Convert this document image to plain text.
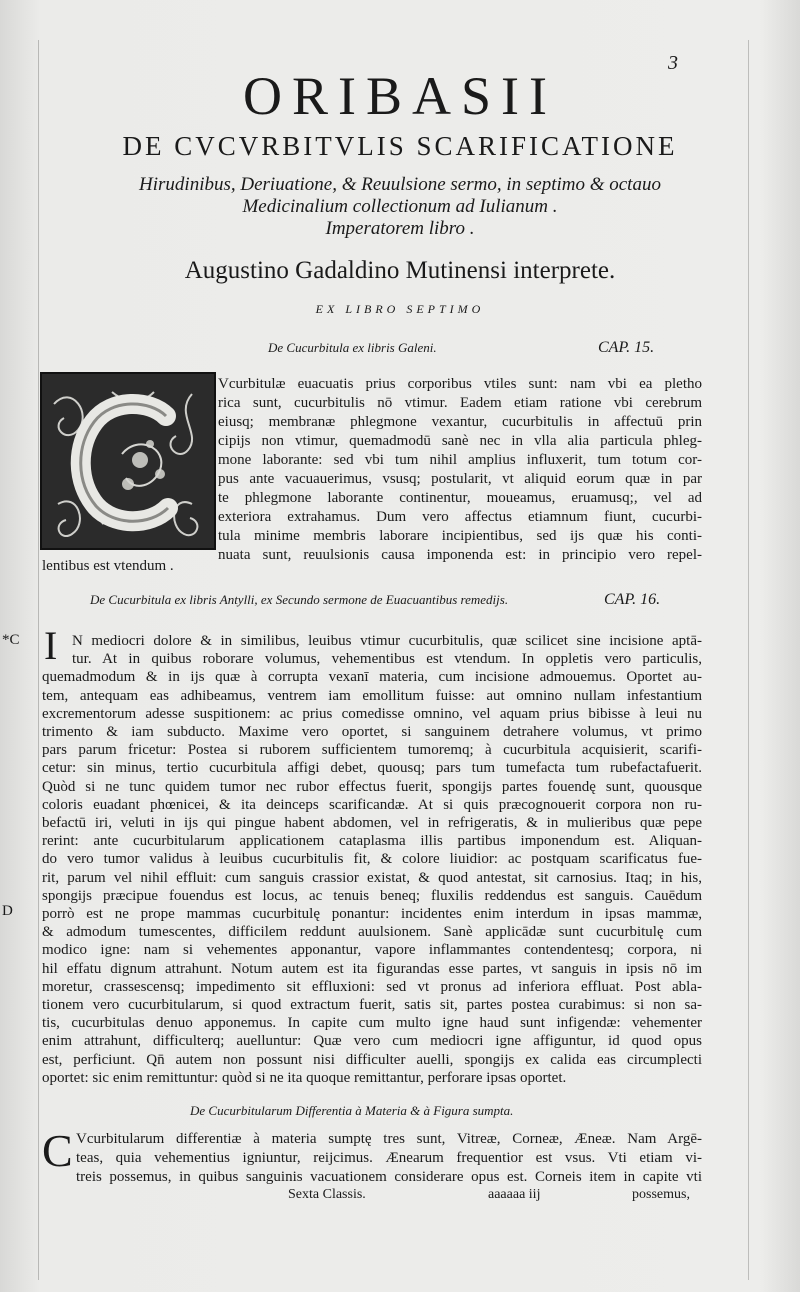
3
ORIBASII
DE CVCVRBITVLIS SCARIFICATIONE
Hirudinibus, Deriuatione, & Reuulsione sermo, in septimo & octauo
Medicinalium collectionum ad Iulianum .
Imperatorem libro .
Augustino Gadaldino Mutinensi interprete.
EX LIBRO SEPTIMO
De Cucurbitula ex libris Galeni.	CAP. 15.
Vcurbitulæ euacuatis prius corporibus vtiles sunt: nam vbi ea pletho
rica sunt, cucurbitulis nō vtimur. Eadem etiam ratione vbi cerebrum
eiusq; membranæ phlegmone vexantur, cucurbitulis in affectuū prin
cipijs non vtimur, quemadmodū sanè nec in vlla alia particula phleg-
mone laborante: sed vbi tum nihil amplius influxerit, tum totum cor-
pus ante vacuauerimus, vsusq; postularit, vt aliquid eorum quæ in par
te phlegmone laborante continentur, moueamus, eruamusq;, vel ad
exteriora extrahamus. Dum vero affectus etiamnum fiunt, cucurbi-
tula minime membris laborare incipientibus, sed ijs quæ his conti-
nuata sunt, reuulsionis causa imponenda est: in principio vero repel-
lentibus est vtendum .
De Cucurbitula ex libris Antylli, ex Secundo sermone de Euacuantibus remedijs.	CAP. 16.
*C I
D
N mediocri dolore & in similibus, leuibus vtimur cucurbitulis, quæ scilicet sine incisione aptā-
tur. At in quibus roborare volumus, vehementibus est vtendum. In oppletis vero particulis,
quemadmodum & in ijs quæ à corrupta vexanī materia, cum incisione admouemus. Oportet au-
tem, antequam eas adhibeamus, ventrem iam emollitum fuisse: aut omnino nullam infestantium
excrementorum adesse suspitionem: ac prius comedisse omnino, vel aquam prius bibisse à leui nu
trimento & iam subducto. Maxime vero oportet, si sanguinem detrahere volumus, vt primo
pars parum fricetur: Postea si ruborem sufficientem tumoremq; à cucurbitula acquisierit, scarifi-
cetur: sin minus, tertio cucurbitula affigi debet, quousq; pars tum tumefacta tum rubefactafuerit.
Quòd si ne tunc quidem tumor nec rubor effectus fuerit, spongijs partes fouendę sunt, quousque
coloris euadant phœnicei, & ita deinceps scarificandæ. At si quis præcognouerit corpora non ru-
befactū iri, veluti in ijs qui pingue habent abdomen, vel in refrigeratis, & in mulieribus quæ pepe
rerint: ante cucurbitularum applicationem cataplasma illis partibus imponendum est. Aliquan-
do vero tumor validus à leuibus cucurbitulis fit, & colore liuidior: ac postquam scarificatus fue-
rit, parum vel nihil effluit: cum sanguis crassior existat, & quod antestat, sit carnosius. Itaq; in his,
spongijs præcipue fouendus est locus, ac tenuis beneq; fluxilis reddendus est sanguis. Cauēdum
porrò est ne prope mammas cucurbitulę ponantur: incidentes enim interdum in ipsas mammæ,
& admodum tumescentes, difficilem reddunt auulsionem. Sanè applicādæ sunt cucurbitulę cum
modico igne: nam si vehementes apponantur, vapore inflammantes contendentesq; corpora, ni
hil effatu dignum attrahunt. Notum autem est ita figurandas esse partes, vt sanguis in ipsis nō im
moretur, crassescensq; impedimento sit effluxioni: sed vt pronus ad inferiora effluat. Post abla-
tionem vero cucurbitularum, si quod extractum fuerit, satis sit, partes postea curabimus: si non sa-
tis, cucurbitulas denuo apponemus. In capite cum multo igne haud sunt infigendæ: vehementer
enim attrahunt, difficulterq; auelluntur: Quæ vero cum mediocri igne affiguntur, id quod opus
est, perficiunt. Qn̄ autem non possunt nisi difficulter auelli, spongijs ex calida eas circumplecti
oportet: sic enim remittuntur: quòd si ne ita quoque remittantur, perforare ipsas oportet.
De Cucurbitularum Differentia à Materia & à Figura sumpta.
C Vcurbitularum differentiæ à materia sumptę tres sunt, Vitreæ, Corneæ, Æneæ. Nam Argē-
teas, quia vehementius igniuntur, reijcimus. Ænearum frequentior est vsus. Vti etiam vi-
treis possemus, in quibus sanguinis vacuationem considerare opus est. Corneis item in capite vti
Sexta Classis.	aaaaaa iij	possemus,
